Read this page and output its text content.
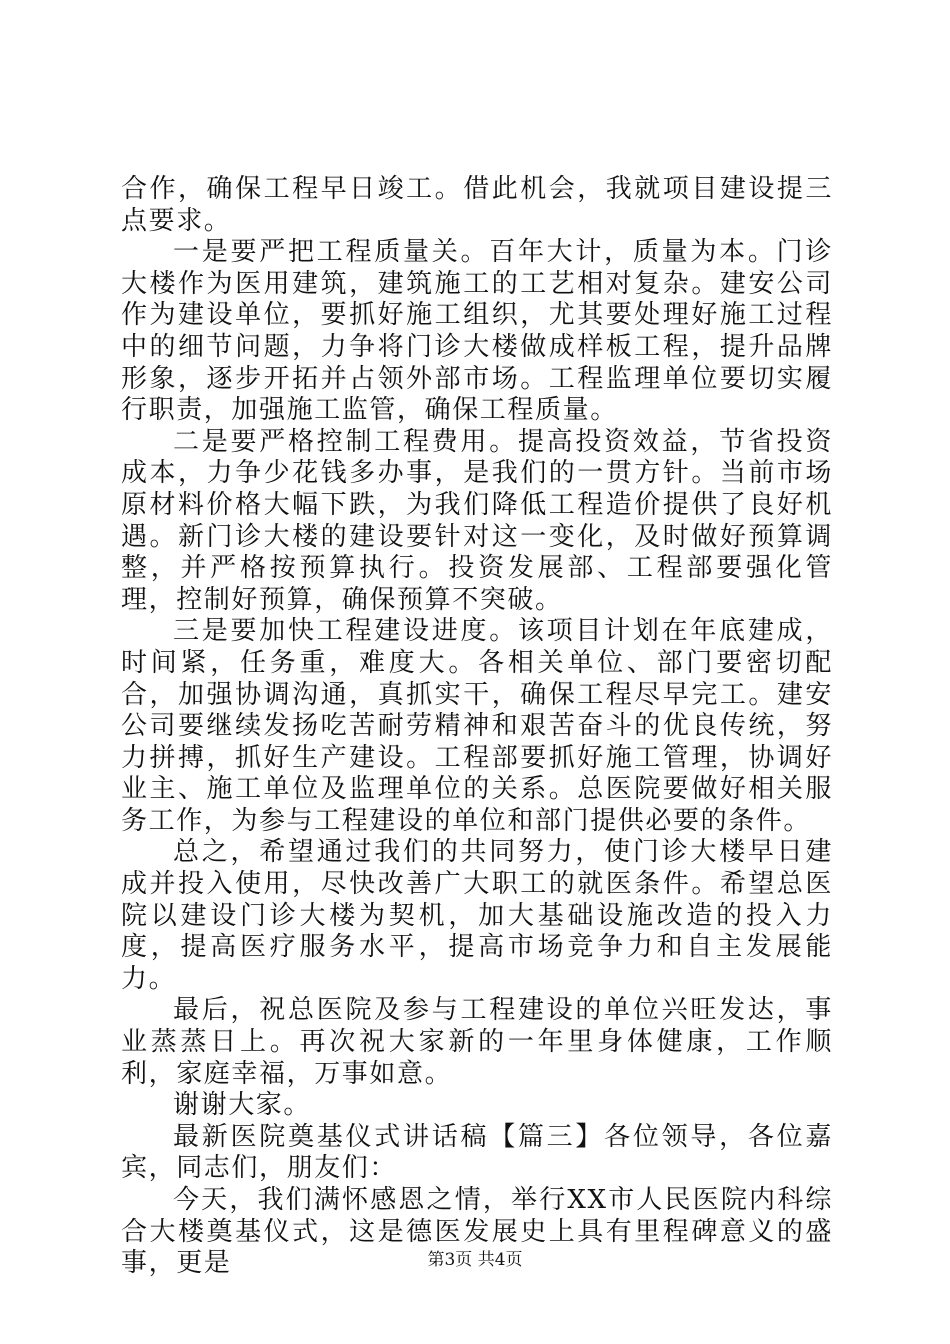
合作，确保工程早日竣工。借此机会，我就项目建设提三点要求。

一是要严把工程质量关。百年大计，质量为本。门诊大楼作为医用建筑，建筑施工的工艺相对复杂。建安公司作为建设单位，要抓好施工组织，尤其要处理好施工过程中的细节问题，力争将门诊大楼做成样板工程，提升品牌形象，逐步开拓并占领外部市场。工程监理单位要切实履行职责，加强施工监管，确保工程质量。

二是要严格控制工程费用。提高投资效益，节省投资成本，力争少花钱多办事，是我们的一贯方针。当前市场原材料价格大幅下跌，为我们降低工程造价提供了良好机遇。新门诊大楼的建设要针对这一变化，及时做好预算调整，并严格按预算执行。投资发展部、工程部要强化管理，控制好预算，确保预算不突破。

三是要加快工程建设进度。该项目计划在年底建成，时间紧，任务重，难度大。各相关单位、部门要密切配合，加强协调沟通，真抓实干，确保工程尽早完工。建安公司要继续发扬吃苦耐劳精神和艰苦奋斗的优良传统，努力拼搏，抓好生产建设。工程部要抓好施工管理，协调好业主、施工单位及监理单位的关系。总医院要做好相关服务工作，为参与工程建设的单位和部门提供必要的条件。

总之，希望通过我们的共同努力，使门诊大楼早日建成并投入使用，尽快改善广大职工的就医条件。希望总医院以建设门诊大楼为契机，加大基础设施改造的投入力度，提高医疗服务水平，提高市场竞争力和自主发展能力。

最后，祝总医院及参与工程建设的单位兴旺发达，事业蒸蒸日上。再次祝大家新的一年里身体健康，工作顺利，家庭幸福，万事如意。

谢谢大家。

最新医院奠基仪式讲话稿【篇三】各位领导，各位嘉宾，同志们，朋友们：

今天，我们满怀感恩之情，举行XX市人民医院内科综合大楼奠基仪式，这是德医发展史上具有里程碑意义的盛事，更是	第3页 共4页
